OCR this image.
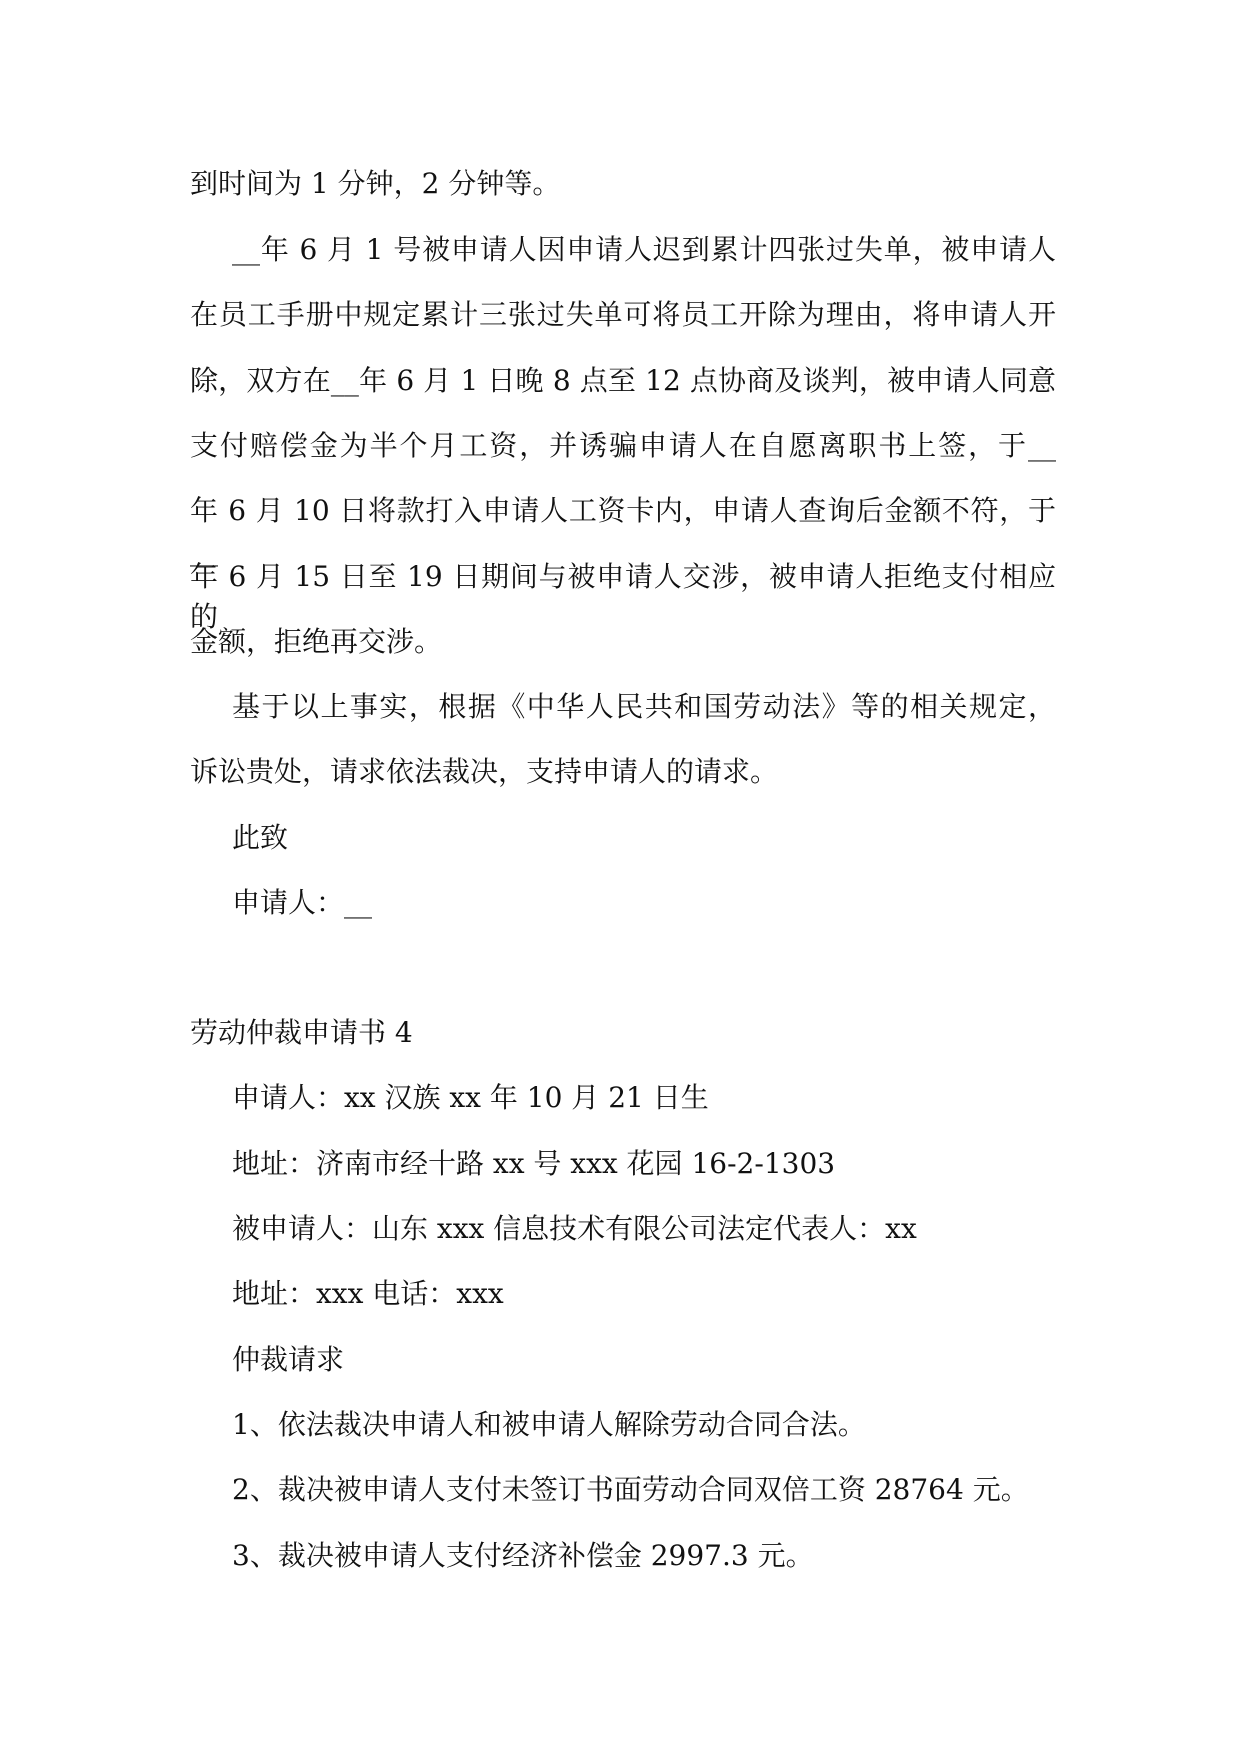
到时间为 1 分钟，2 分钟等。
__年 6 月 1 号被申请人因申请人迟到累计四张过失单，被申请人
在员工手册中规定累计三张过失单可将员工开除为理由，将申请人开
除，双方在__年 6 月 1 日晚 8 点至 12 点协商及谈判，被申请人同意
支付赔偿金为半个月工资，并诱骗申请人在自愿离职书上签，于__
年 6 月 10 日将款打入申请人工资卡内，申请人查询后金额不符，于__
年 6 月 15 日至 19 日期间与被申请人交涉，被申请人拒绝支付相应的
金额，拒绝再交涉。
基于以上事实，根据《中华人民共和国劳动法》等的相关规定，
诉讼贵处，请求依法裁决，支持申请人的请求。
此致
申请人：__
劳动仲裁申请书 4
申请人：xx 汉族 xx 年 10 月 21 日生
地址：济南市经十路 xx 号 xxx 花园 16-2-1303
被申请人：山东 xxx 信息技术有限公司法定代表人：xx
地址：xxx 电话：xxx
仲裁请求
1、依法裁决申请人和被申请人解除劳动合同合法。
2、裁决被申请人支付未签订书面劳动合同双倍工资 28764 元。
3、裁决被申请人支付经济补偿金 2997.3 元。
